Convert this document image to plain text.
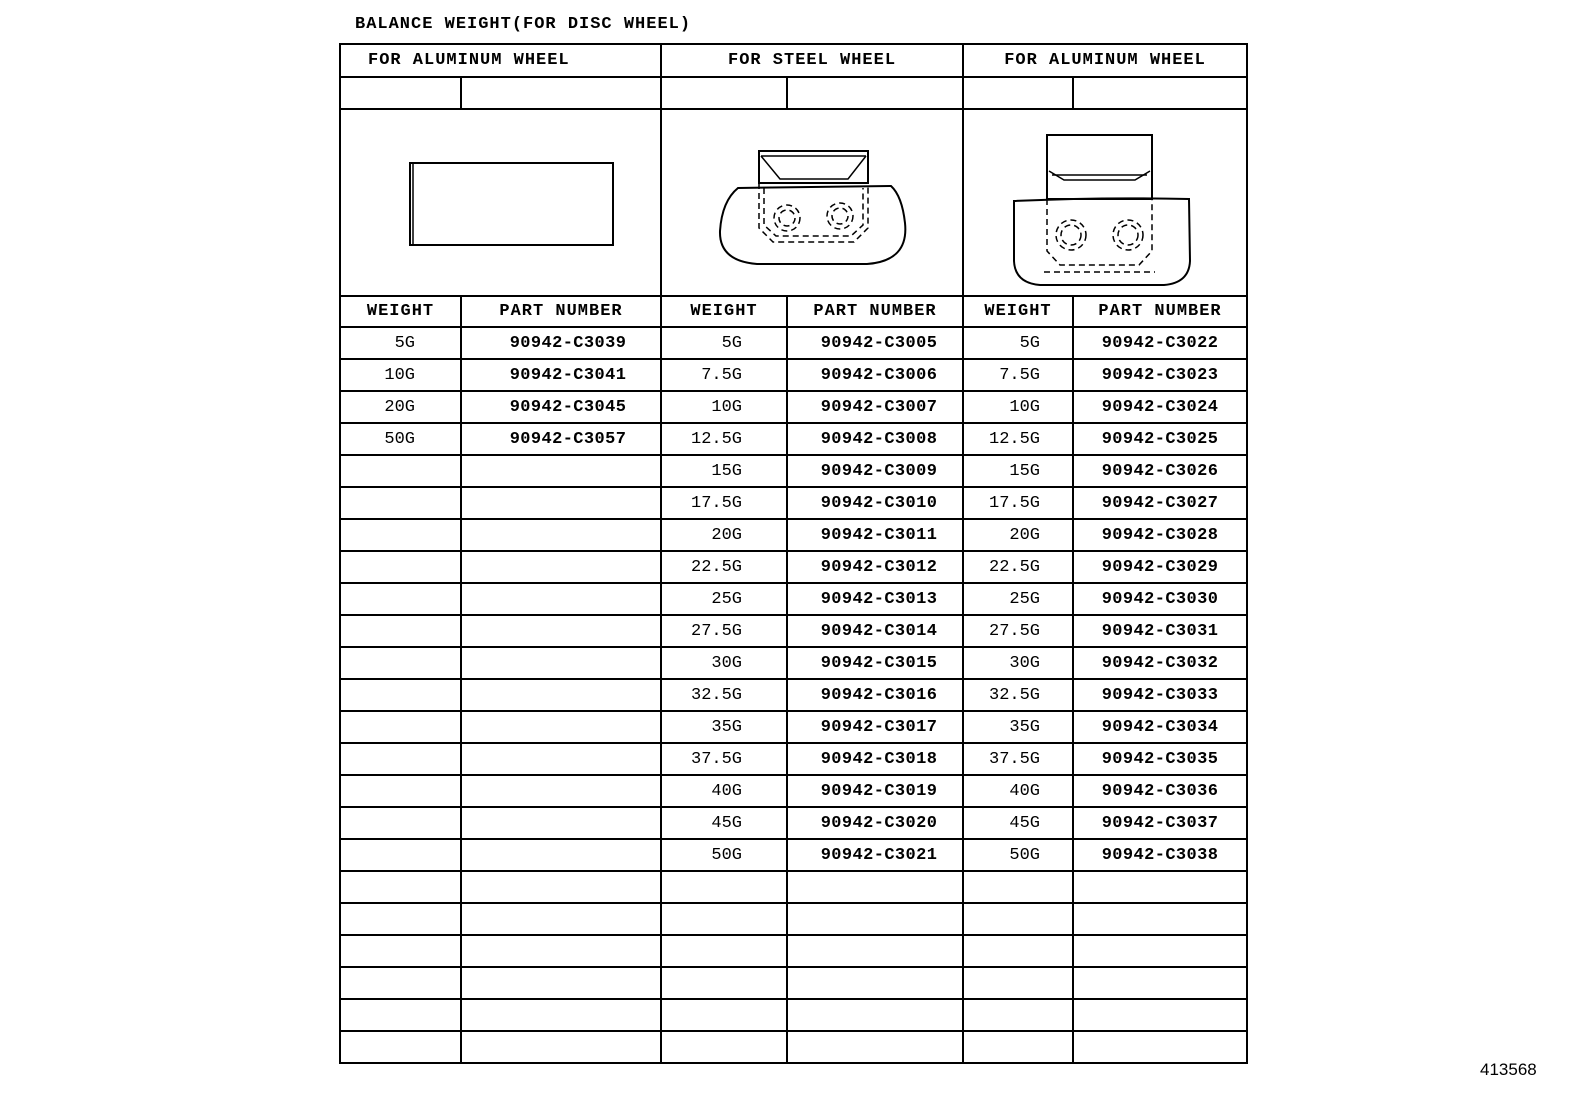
BALANCE WEIGHT(FOR DISC WHEEL)
FOR ALUMINUM WHEEL		FOR STEEL WHEEL		FOR ALUMINUM WHEEL	

WEIGHT	PART NUMBER	WEIGHT	PART NUMBER	WEIGHT	PART NUMBER
5G	90942-C3039	5G	90942-C3005	5G	90942-C3022
10G	90942-C3041	7.5G	90942-C3006	7.5G	90942-C3023
20G	90942-C3045	10G	90942-C3007	10G	90942-C3024
50G	90942-C3057	12.5G	90942-C3008	12.5G	90942-C3025
		15G	90942-C3009	15G	90942-C3026
		17.5G	90942-C3010	17.5G	90942-C3027
		20G	90942-C3011	20G	90942-C3028
		22.5G	90942-C3012	22.5G	90942-C3029
		25G	90942-C3013	25G	90942-C3030
		27.5G	90942-C3014	27.5G	90942-C3031
		30G	90942-C3015	30G	90942-C3032
		32.5G	90942-C3016	32.5G	90942-C3033
		35G	90942-C3017	35G	90942-C3034
		37.5G	90942-C3018	37.5G	90942-C3035
		40G	90942-C3019	40G	90942-C3036
		45G	90942-C3020	45G	90942-C3037
		50G	90942-C3021	50G	90942-C3038

413568
